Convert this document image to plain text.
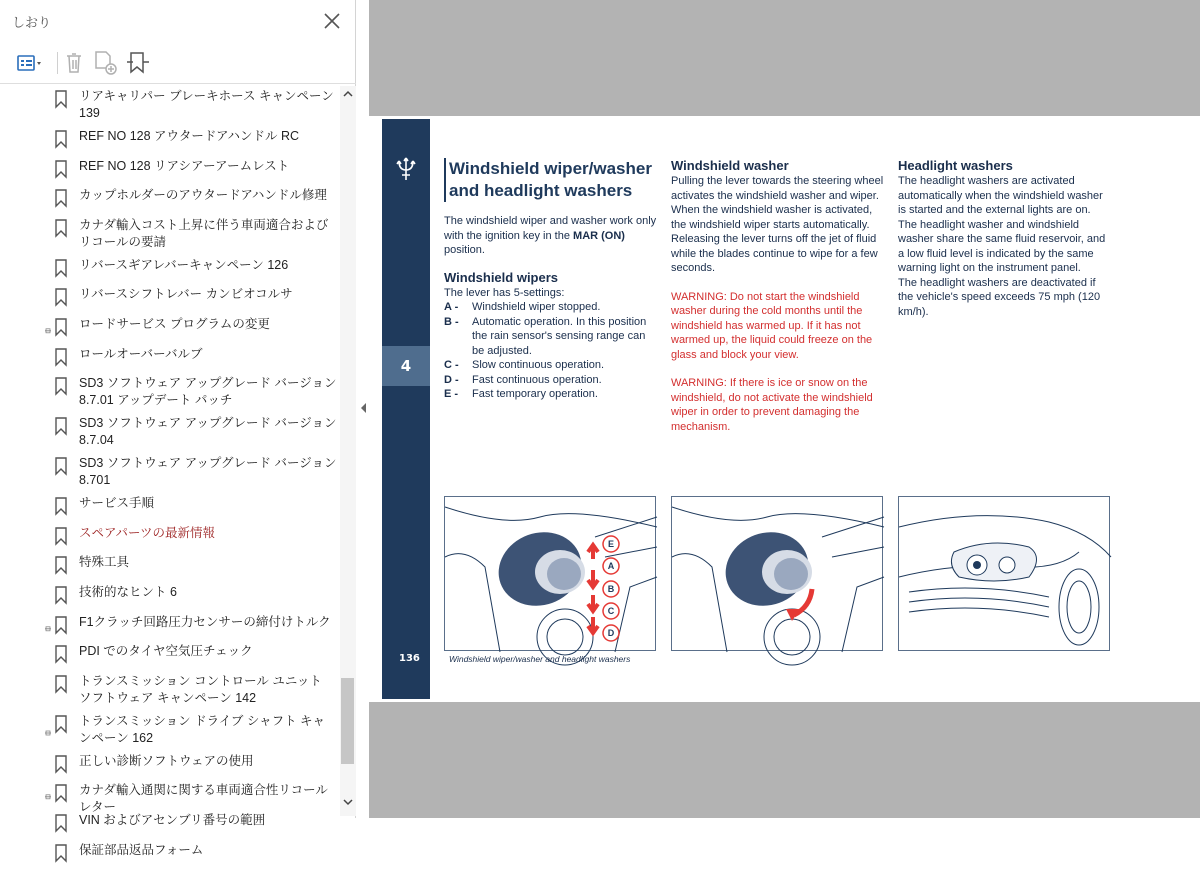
しおり
リアキャリパー ブレーキホース キャンペーン 139
REF NO 128 アウタードアハンドル RC
REF NO 128 リアシアーアームレスト
カップホルダーのアウタードアハンドル修理
カナダ輸入コスト上昇に伴う車両適合およびリコールの要請
リバースギアレバーキャンペーン 126
リバースシフトレバー カンビオコルサ
ロードサービス プログラムの変更
ロールオーバーバルブ
SD3 ソフトウェア アップグレード バージョン 8.7.01 アップデート パッチ
SD3 ソフトウェア アップグレード バージョン 8.7.04
SD3 ソフトウェア アップグレード バージョン 8.701
サービス手順
スペアパーツの最新情報
特殊工具
技術的なヒント 6
F1クラッチ回路圧力センサーの締付けトルク
PDI でのタイヤ空気圧チェック
トランスミッション コントロール ユニット ソフトウェア キャンペーン 142
トランスミッション ドライブ シャフト キャンペーン 162
正しい診断ソフトウェアの使用
カナダ輸入通関に関する車両適合性リコールレター
VIN およびアセンブリ番号の範囲
保証部品返品フォーム
4
136
Windshield wiper/washer and headlight washers
The windshield wiper and washer work only with the ignition key in the MAR (ON) position.
Windshield wipers
The lever has 5-settings:
A -	Windshield wiper stopped.
B -	Automatic operation. In this position the rain sensor's sensing range can be adjusted.
C -	Slow continuous operation.
D -	Fast continuous operation.
E -	Fast temporary operation.
Windshield washer
Pulling the lever towards the steering wheel activates the windshield washer and wiper.
When the windshield washer is activated, the windshield wiper starts automatically. Releasing the lever turns off the jet of fluid while the blades continue to wipe for a few seconds.
WARNING: Do not start the windshield washer during the cold months until the windshield has warmed up. If it has not warmed up, the liquid could freeze on the glass and block your view.
WARNING: If there is ice or snow on the windshield, do not activate the windshield wiper in order to prevent damaging the mechanism.
Headlight washers
The headlight washers are activated automatically when the windshield washer is started and the external lights are on.
The headlight washer and windshield washer share the same fluid reservoir, and a low fluid level is indicated by the same warning light on the instrument panel.
The headlight washers are deactivated if the vehicle's speed exceeds 75 mph (120 km/h).
E
A
B
C
D
Windshield wiper/washer and headlight washers
